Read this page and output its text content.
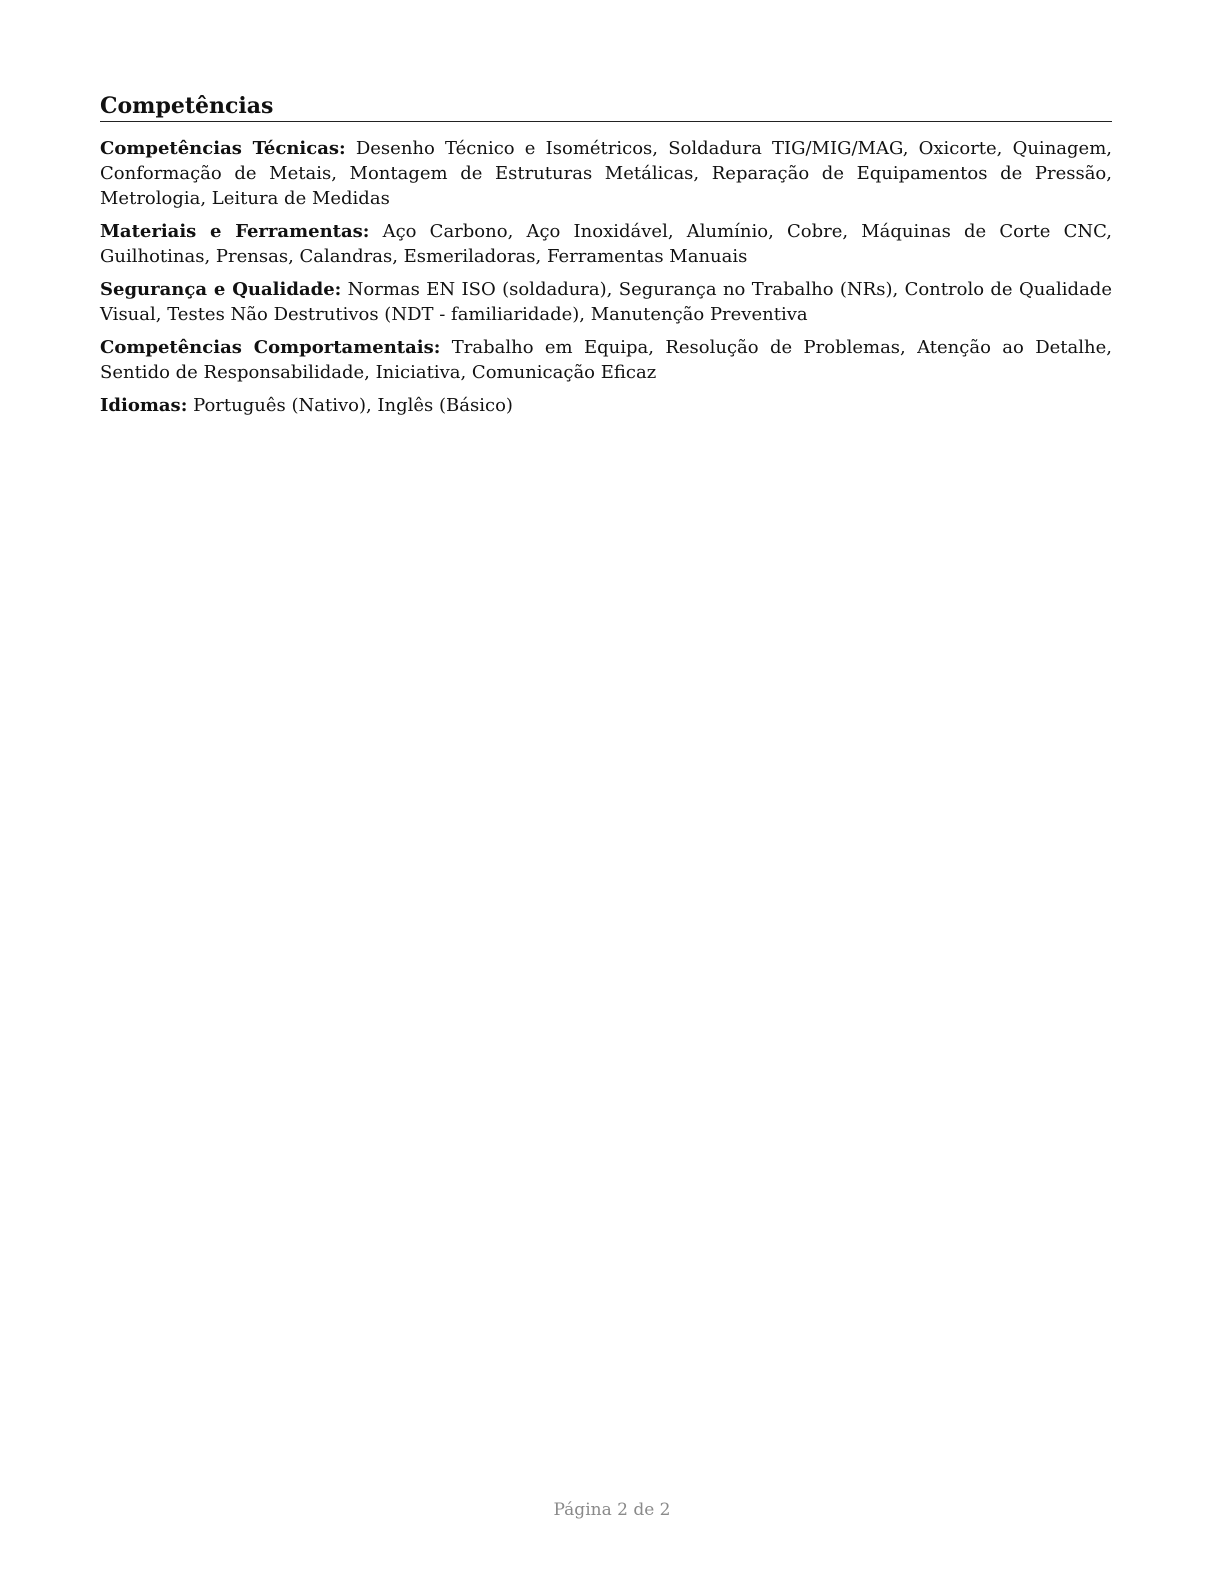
Competências

Competências Técnicas: Desenho Técnico e Isométricos, Soldadura TIG/MIG/MAG, Oxicorte, Quinagem, Conformação de Metais, Montagem de Estruturas Metálicas, Reparação de Equipamentos de Pressão, Metrologia, Leitura de Medidas

Materiais e Ferramentas: Aço Carbono, Aço Inoxidável, Alumínio, Cobre, Máquinas de Corte CNC, Guilhotinas, Prensas, Calandras, Esmeriladoras, Ferramentas Manuais

Segurança e Qualidade: Normas EN ISO (soldadura), Segurança no Trabalho (NRs), Controlo de Qualidade Visual, Testes Não Destrutivos (NDT - familiaridade), Manutenção Preventiva

Competências Comportamentais: Trabalho em Equipa, Resolução de Problemas, Atenção ao Detalhe, Sentido de Responsabilidade, Iniciativa, Comunicação Eficaz

Idiomas: Português (Nativo), Inglês (Básico)

Página 2 de 2
